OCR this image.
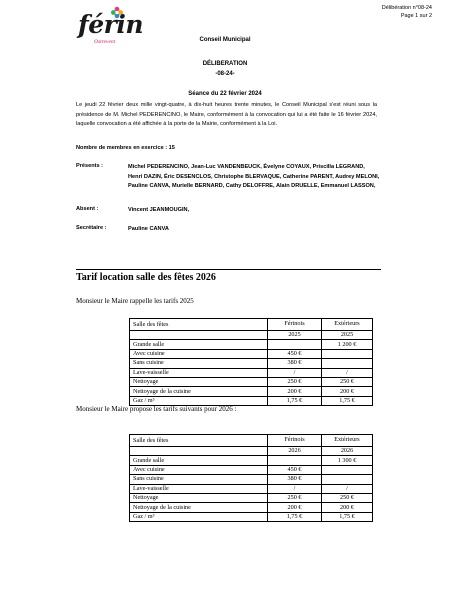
férin
Ostrevent
Délibération n°08-24
Page 1 sur 2
Conseil Municipal
DÉLIBERATION
-08-24-
Séance du 22 février 2024
Le jeudi 22 février deux mille vingt-quatre, à dix-huit heures trente minutes, le Conseil Municipal s'est réuni sous la présidence de M. Michel PEDERENCINO, le Maire, conformément à la convocation qui lui a été faite le 16 février 2024, laquelle convocation a été affichée à la porte de la Mairie, conformément à la Loi.
Nombre de membres en exercice : 15
Présents :	Michel PEDERENCINO, Jean-Luc VANDENBEUCK, Évelyne COYAUX, Priscilla LEGRAND, Henri DAZIN, Éric DESENCLOS, Christophe BLERVAQUE, Catherine PARENT, Audrey MELONI, Pauline CANVA, Murielle BERNARD, Cathy DELOFFRE, Alain DRUELLE, Emmanuel LASSON,
Absent :	Vincent JEANMOUGIN,
Secrétaire :	Pauline CANVA
Tarif location salle des fêtes 2026
Monsieur le Maire rappelle les tarifs 2025
Salle des fêtes	Férinois	Extérieurs
	2025	2025
Grande salle		1 200 €
Avec cuisine	450 €	
Sans cuisine	380 €	
Lave-vaisselle	/	/
Nettoyage	250 €	250 €
Nettoyage de la cuisine	200 €	200 €
Gaz / m³	1,75 €	1,75 €
Monsieur le Maire propose les tarifs suivants pour 2026 :
Salle des fêtes	Férinois	Extérieurs
	2026	2026
Grande salle		1 300 €
Avec cuisine	450 €	
Sans cuisine	380 €	
Lave-vaisselle	/	/
Nettoyage	250 €	250 €
Nettoyage de la cuisine	200 €	200 €
Gaz / m³	1,75 €	1,75 €
